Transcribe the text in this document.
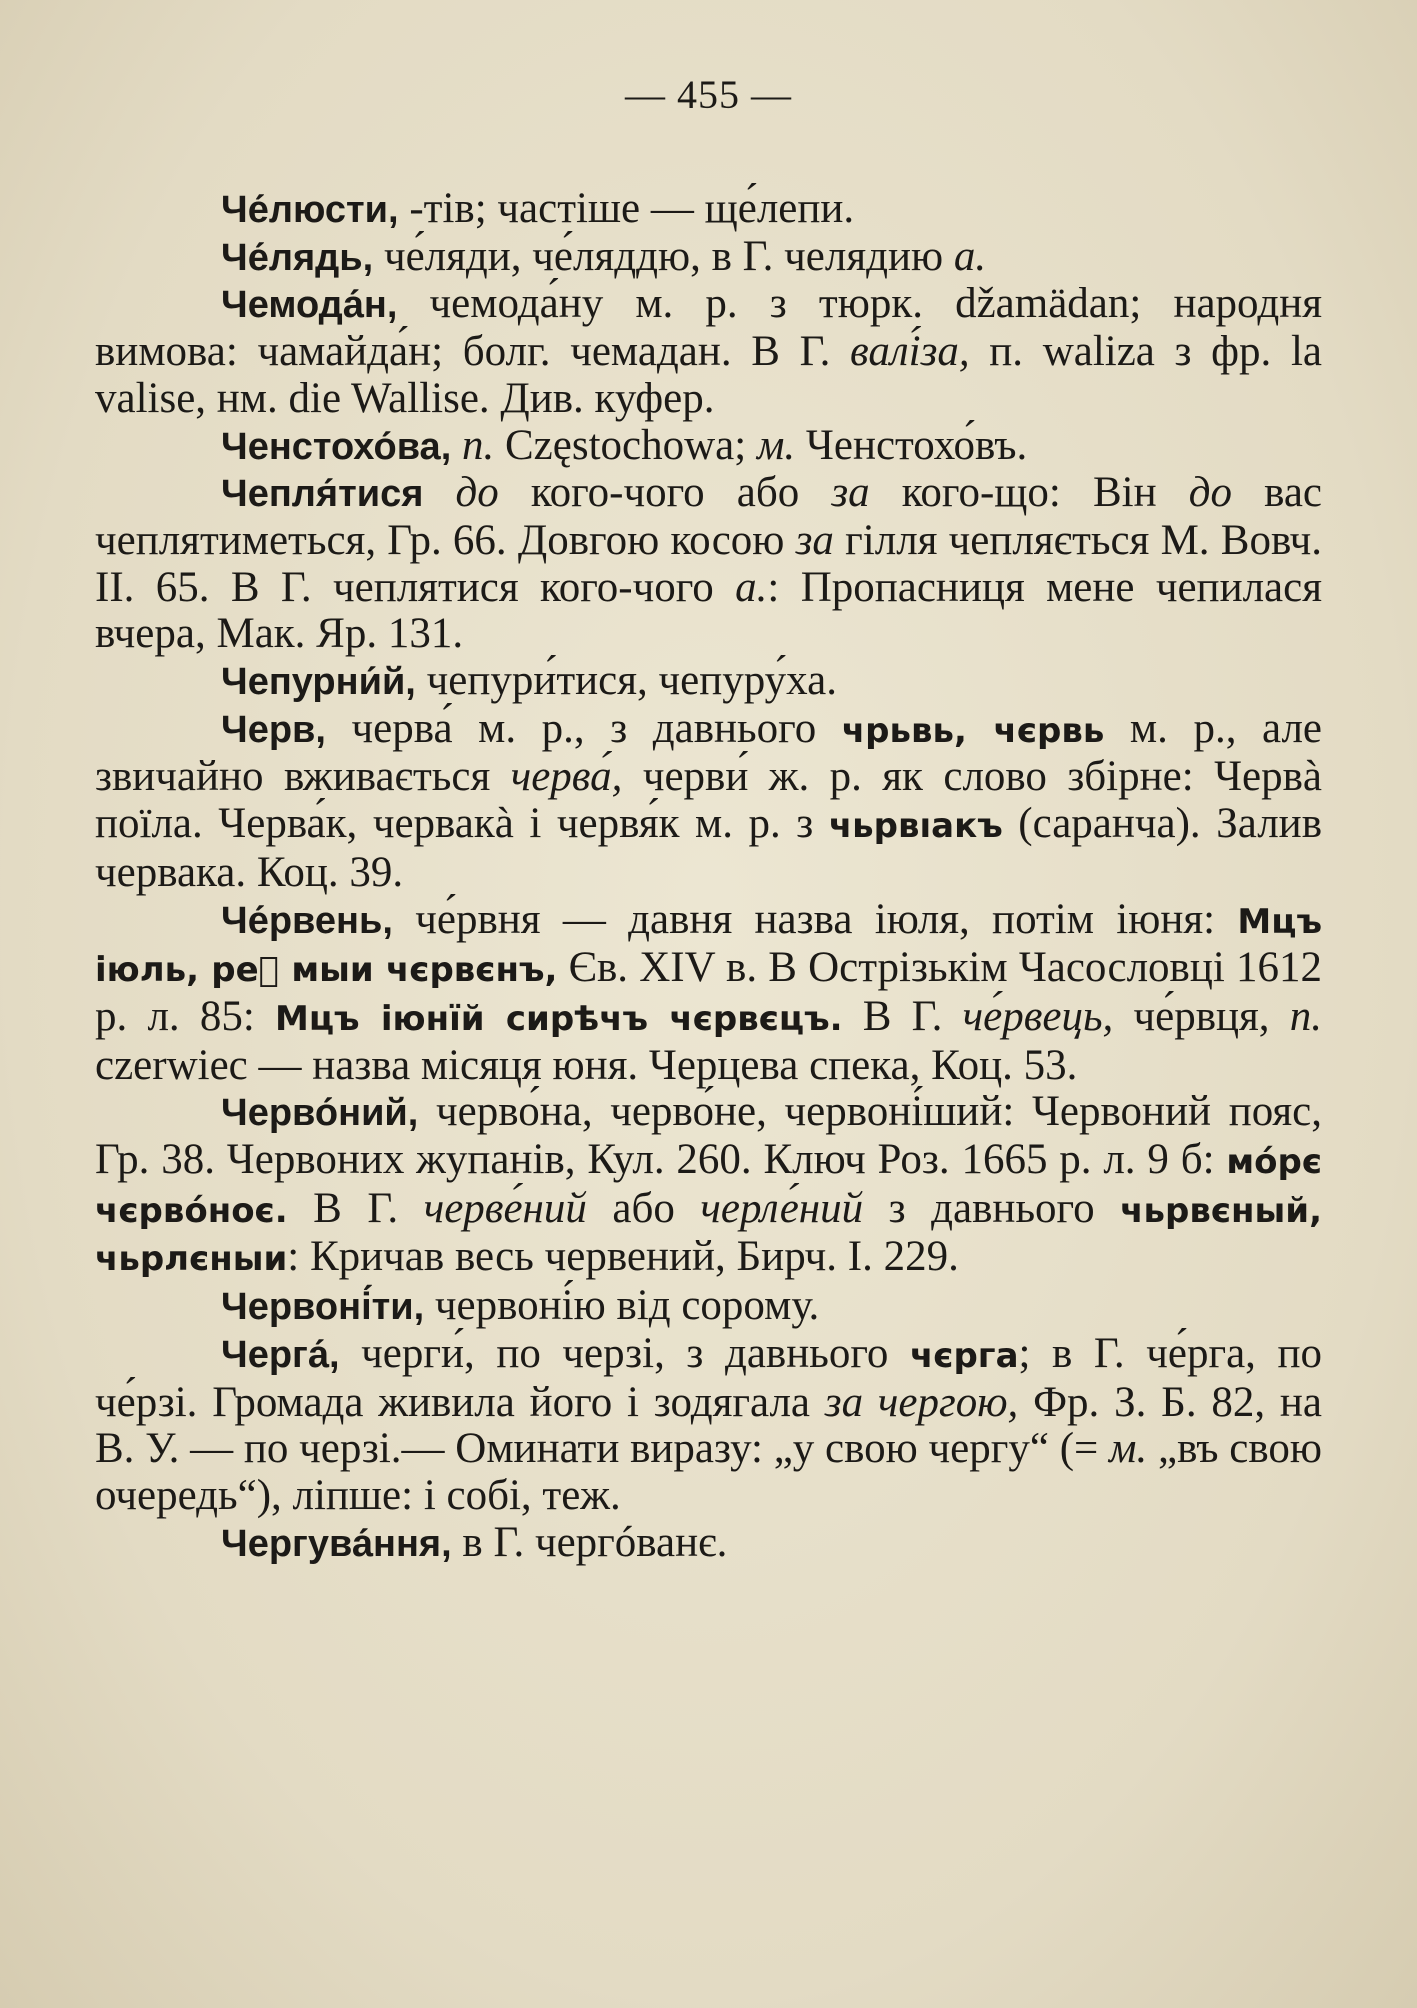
— 455 —

Че́люсти, -тів; частіше — ще́лепи.

Че́лядь, че́ляди, че́ляддю, в Г. челядию а.

Чемода́н, чемода́ну м. р. з тюрк. džamädan; народня вимова: чамайда́н; болг. чемадан. В Г. валі́за, п. waliza з фр. la valise, нм. die Wallise. Див. куфер.

Ченстохо́ва, п. Częstochowa; м. Ченстохо́въ.

Чепля́тися до кого-чого або за кого-що: Він до вас чеплятиметься, Гр. 66. Довгою косою за гілля чепляється М. Вовч. II. 65. В Г. чеплятися кого-чого а.: Пропасниця мене чепилася вчера, Мак. Яр. 131.

Чепурни́й, чепури́тися, чепуру́ха.

Черв, черва́ м. р., з давнього чрьвь, чєрвь м. р., але звичайно вживається черва́, черви́ ж. р. як слово збірне: Червà поїла. Черва́к, червакà і червя́к м. р. з чьрвıакъ (саранча). Залив червака. Коц. 39.

Че́рвень, че́рвня — давня назва іюля, потім іюня: Мцъ іюль, реⷱ мыи чєрвєнъ, Єв. XIV в. В Острізькім Часословці 1612 р. л. 85: Мцъ іюнїй сирѣчъ чєрвєцъ. В Г. че́рвець, че́рвця, п. czerwiec — назва місяця юня. Черцева спека, Коц. 53.

Черво́ний, черво́на, черво́не, червоні́ший: Червоний пояс, Гр. 38. Червоних жупанів, Кул. 260. Ключ Роз. 1665 р. л. 9 б: мо́рє чєрво́ноє. В Г. черве́ний або черле́ний з давнього чьрвєный, чьрлєныи: Кричав весь червений, Бирч. І. 229.

Червоні́ти, червоні́ю від сорому.

Черга́, черги́, по черзі, з давнього чєрга; в Г. че́рга, по че́рзі. Громада живила його і зодягала за чергою, Фр. З. Б. 82, на В. У. — по черзі.— Оминати виразу: „у свою чергу“ (= м. „въ свою очередь“), ліпше: і собі, теж.

Чергува́ння, в Г. чергóванє.
